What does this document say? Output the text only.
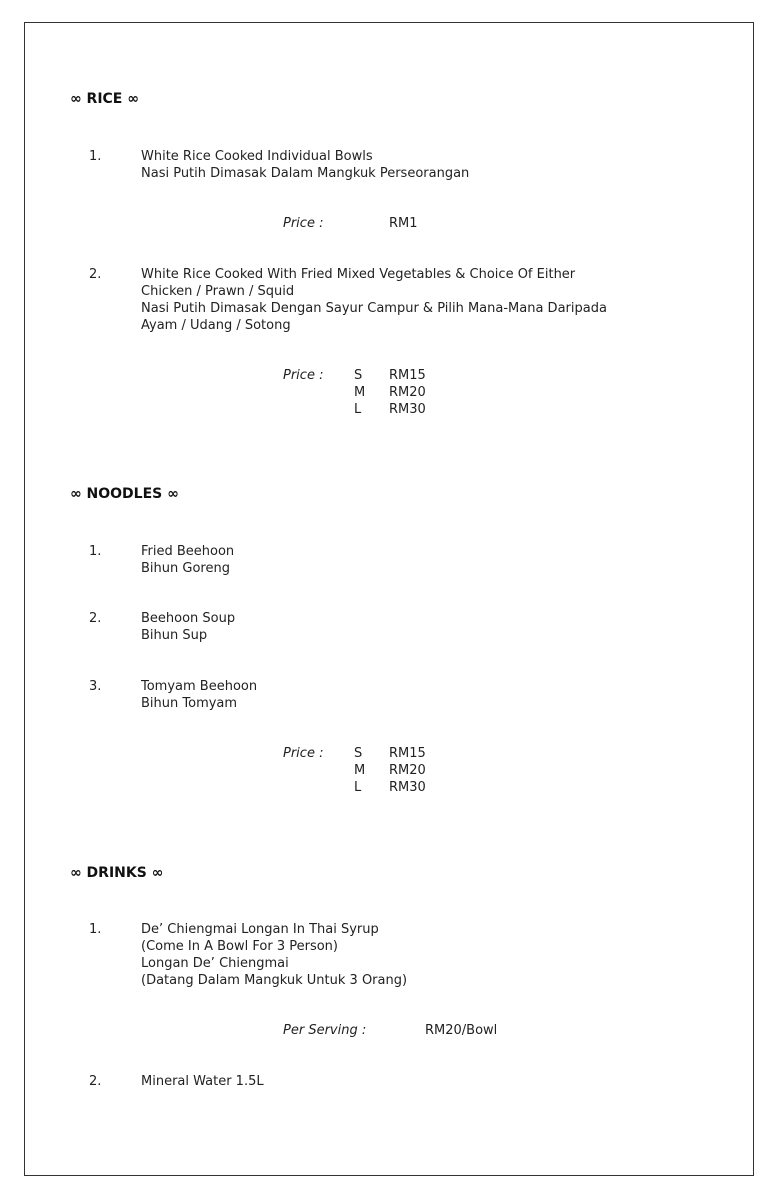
∞ RICE ∞
1.	White Rice Cooked Individual Bowls
Nasi Putih Dimasak Dalam Mangkuk Perseorangan
Price :	RM1
2.	White Rice Cooked With Fried Mixed Vegetables & Choice Of Either
Chicken / Prawn / Squid
Nasi Putih Dimasak Dengan Sayur Campur & Pilih Mana-Mana Daripada
Ayam / Udang / Sotong
Price : S RM15
M RM20
L RM30
∞ NOODLES ∞
1.	Fried Beehoon
Bihun Goreng
2.	Beehoon Soup
Bihun Sup
3.	Tomyam Beehoon
Bihun Tomyam
Price : S RM15
M RM20
L RM30
∞ DRINKS ∞
1.	De’ Chiengmai Longan In Thai Syrup
(Come In A Bowl For 3 Person)
Longan De’ Chiengmai
(Datang Dalam Mangkuk Untuk 3 Orang)
Per Serving :	RM20/Bowl
2.	Mineral Water 1.5L
